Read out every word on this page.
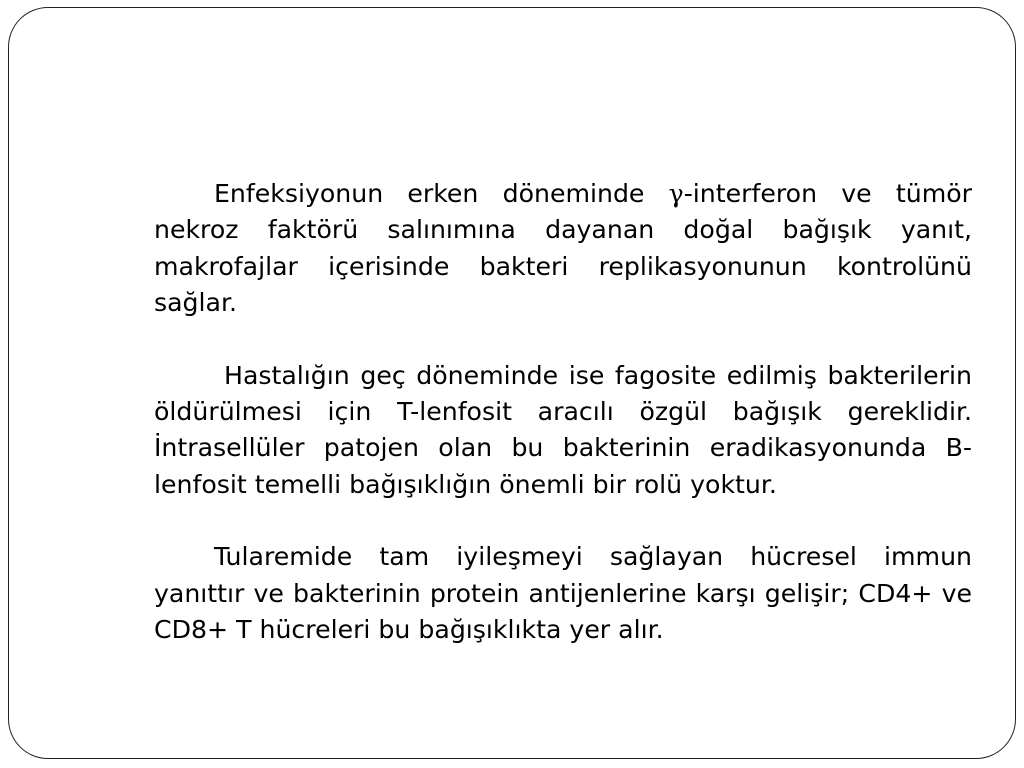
Enfeksiyonun erken döneminde γ-interferon ve tümör nekroz faktörü salınımına dayanan doğal bağışık yanıt, makrofajlar içerisinde bakteri replikasyonunun kontrolünü sağlar.

Hastalığın geç döneminde ise fagosite edilmiş bakterilerin öldürülmesi için T-lenfosit aracılı özgül bağışık gereklidir. İntrasellüler patojen olan bu bakterinin eradikasyonunda B-lenfosit temelli bağışıklığın önemli bir rolü yoktur.

Tularemide tam iyileşmeyi sağlayan hücresel immun yanıttır ve bakterinin protein antijenlerine karşı gelişir; CD4+ ve CD8+ T hücreleri bu bağışıklıkta yer alır.
